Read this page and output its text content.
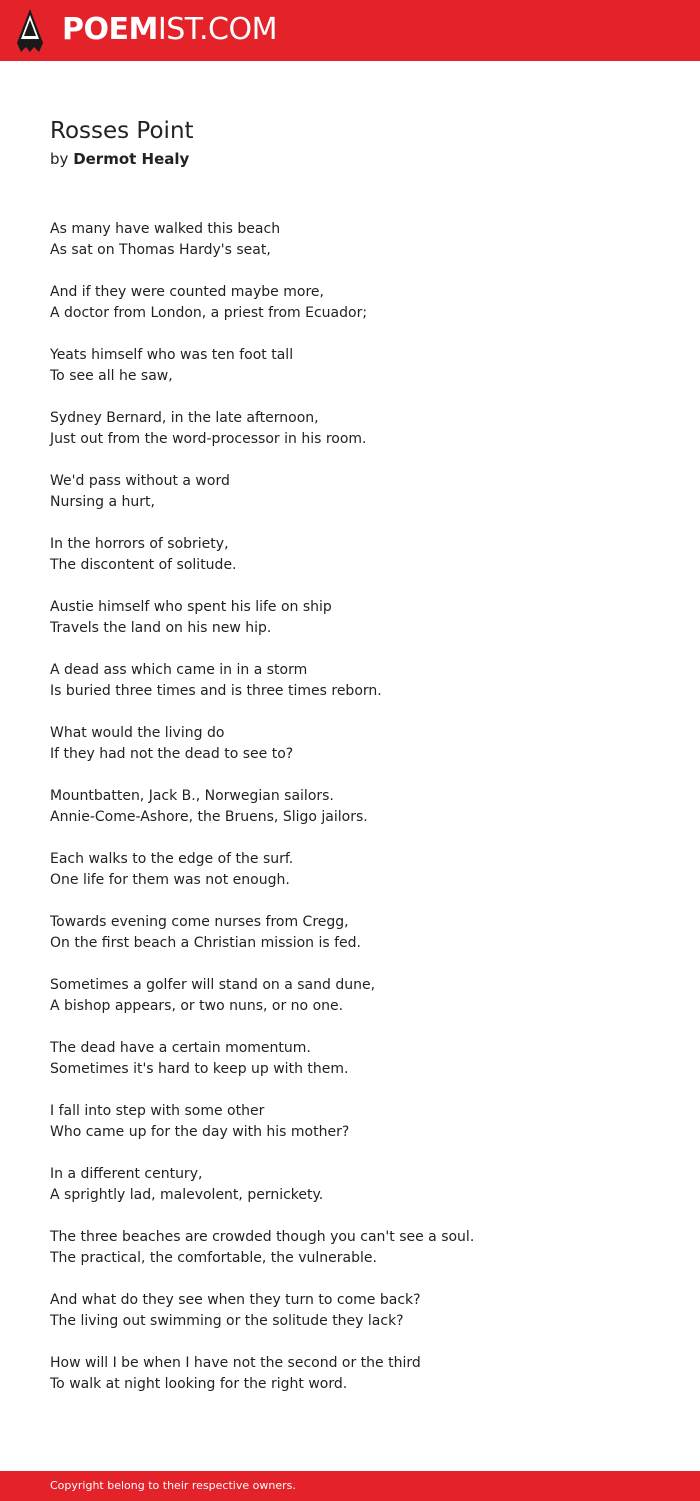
POEMIST.COM
Rosses Point
by Dermot Healy
As many have walked this beach
As sat on Thomas Hardy's seat,
And if they were counted maybe more,
A doctor from London, a priest from Ecuador;
Yeats himself who was ten foot tall
To see all he saw,
Sydney Bernard, in the late afternoon,
Just out from the word-processor in his room.
We'd pass without a word
Nursing a hurt,
In the horrors of sobriety,
The discontent of solitude.
Austie himself who spent his life on ship
Travels the land on his new hip.
A dead ass which came in in a storm
Is buried three times and is three times reborn.
What would the living do
If they had not the dead to see to?
Mountbatten, Jack B., Norwegian sailors.
Annie-Come-Ashore, the Bruens, Sligo jailors.
Each walks to the edge of the surf.
One life for them was not enough.
Towards evening come nurses from Cregg,
On the first beach a Christian mission is fed.
Sometimes a golfer will stand on a sand dune,
A bishop appears, or two nuns, or no one.
The dead have a certain momentum.
Sometimes it's hard to keep up with them.
I fall into step with some other
Who came up for the day with his mother?
In a different century,
A sprightly lad, malevolent, pernickety.
The three beaches are crowded though you can't see a soul.
The practical, the comfortable, the vulnerable.
And what do they see when they turn to come back?
The living out swimming or the solitude they lack?
How will I be when I have not the second or the third
To walk at night looking for the right word.
Copyright belong to their respective owners.
